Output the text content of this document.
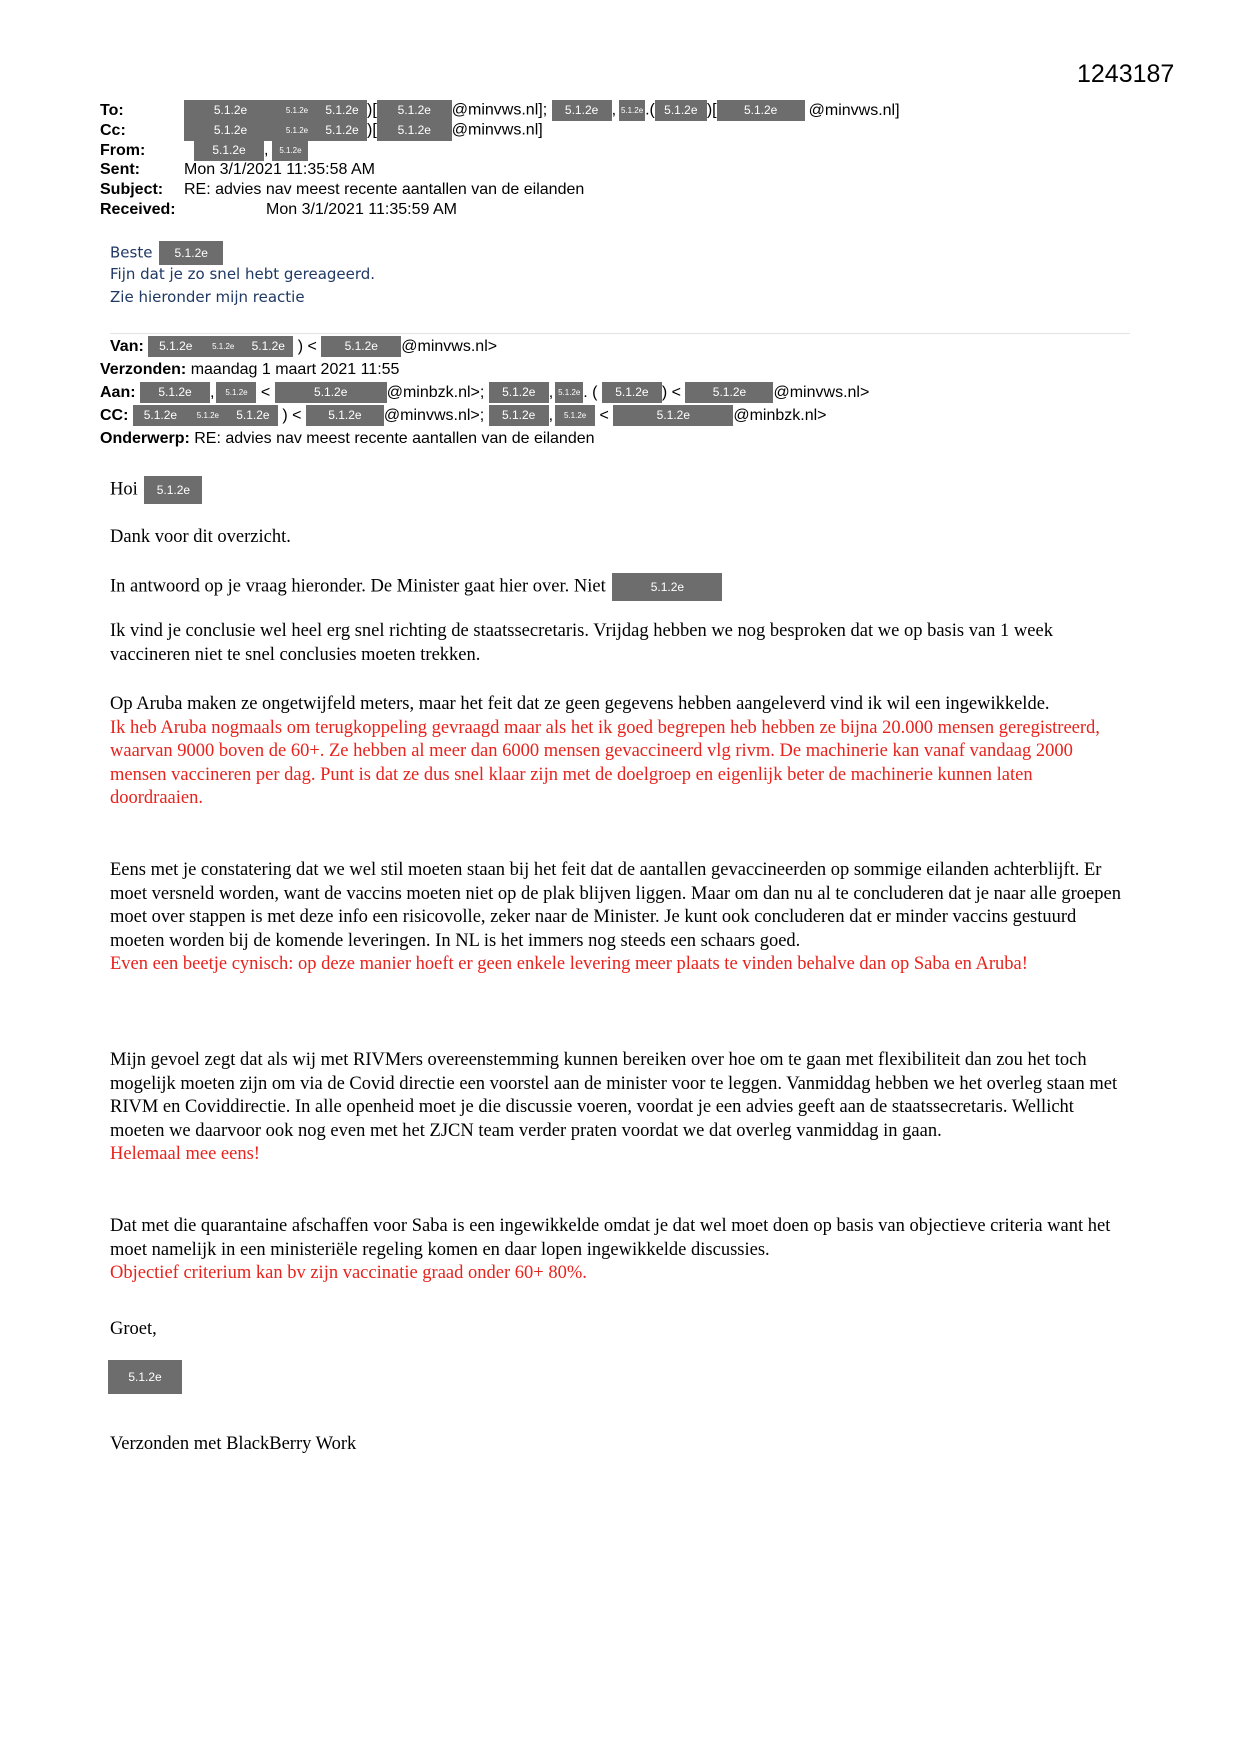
1243187
To:	5.1.2e	5.1.2e 5.1.2e )[ 5.1.2e @minvws.nl]; 5.1.2e , 5.1.2e .( 5.1.2e )[ 5.1.2e @minvws.nl]
Cc:	5.1.2e	5.1.2e 5.1.2e )[ 5.1.2e @minvws.nl]
From:	5.1.2e , 5.1.2e
Sent:	Mon 3/1/2021 11:35:58 AM
Subject: RE: advies nav meest recente aantallen van de eilanden
Received:	Mon 3/1/2021 11:35:59 AM
Beste 5.1.2e
Fijn dat je zo snel hebt gereageerd.
Zie hieronder mijn reactie
Van: 5.1.2e 5.1.2e 5.1.2e ) < 5.1.2e @minvws.nl>
Verzonden: maandag 1 maart 2021 11:55
Aan: 5.1.2e , 5.1.2e <	5.1.2e @minbzk.nl>; 5.1.2e , 5.1.2e . ( 5.1.2e ) <	5.1.2e @minvws.nl>
CC: 5.1.2e 5.1.2e 5.1.2e ) < 5.1.2e @minvws.nl>; 5.1.2e , 5.1.2e <	5.1.2e	@minbzk.nl>
Onderwerp: RE: advies nav meest recente aantallen van de eilanden
Hoi 5.1.2e
Dank voor dit overzicht.
In antwoord op je vraag hieronder. De Minister gaat hier over. Niet	5.1.2e
Ik vind je conclusie wel heel erg snel richting de staatssecretaris. Vrijdag hebben we nog besproken dat we op basis van 1 week vaccineren niet te snel conclusies moeten trekken.
Op Aruba maken ze ongetwijfeld meters, maar het feit dat ze geen gegevens hebben aangeleverd vind ik wil een ingewikkelde.
Ik heb Aruba nogmaals om terugkoppeling gevraagd maar als het ik goed begrepen heb hebben ze bijna 20.000 mensen geregistreerd, waarvan 9000 boven de 60+. Ze hebben al meer dan 6000 mensen gevaccineerd vlg rivm. De machinerie kan vanaf vandaag 2000 mensen vaccineren per dag. Punt is dat ze dus snel klaar zijn met de doelgroep en eigenlijk beter de machinerie kunnen laten doordraaien.
Eens met je constatering dat we wel stil moeten staan bij het feit dat de aantallen gevaccineerden op sommige eilanden achterblijft. Er moet versneld worden, want de vaccins moeten niet op de plak blijven liggen. Maar om dan nu al te concluderen dat je naar alle groepen moet over stappen is met deze info een risicovolle, zeker naar de Minister. Je kunt ook concluderen dat er minder vaccins gestuurd moeten worden bij de komende leveringen. In NL is het immers nog steeds een schaars goed.
Even een beetje cynisch: op deze manier hoeft er geen enkele levering meer plaats te vinden behalve dan op Saba en Aruba!
Mijn gevoel zegt dat als wij met RIVMers overeenstemming kunnen bereiken over hoe om te gaan met flexibiliteit dan zou het toch mogelijk moeten zijn om via de Covid directie een voorstel aan de minister voor te leggen. Vanmiddag hebben we het overleg staan met RIVM en Coviddirectie. In alle openheid moet je die discussie voeren, voordat je een advies geeft aan de staatssecretaris. Wellicht moeten we daarvoor ook nog even met het ZJCN team verder praten voordat we dat overleg vanmiddag in gaan.
Helemaal mee eens!
Dat met die quarantaine afschaffen voor Saba is een ingewikkelde omdat je dat wel moet doen op basis van objectieve criteria want het moet namelijk in een ministeriële regeling komen en daar lopen ingewikkelde discussies.
Objectief criterium kan bv zijn vaccinatie graad onder 60+ 80%.
Groet,
5.1.2e
Verzonden met BlackBerry Work
